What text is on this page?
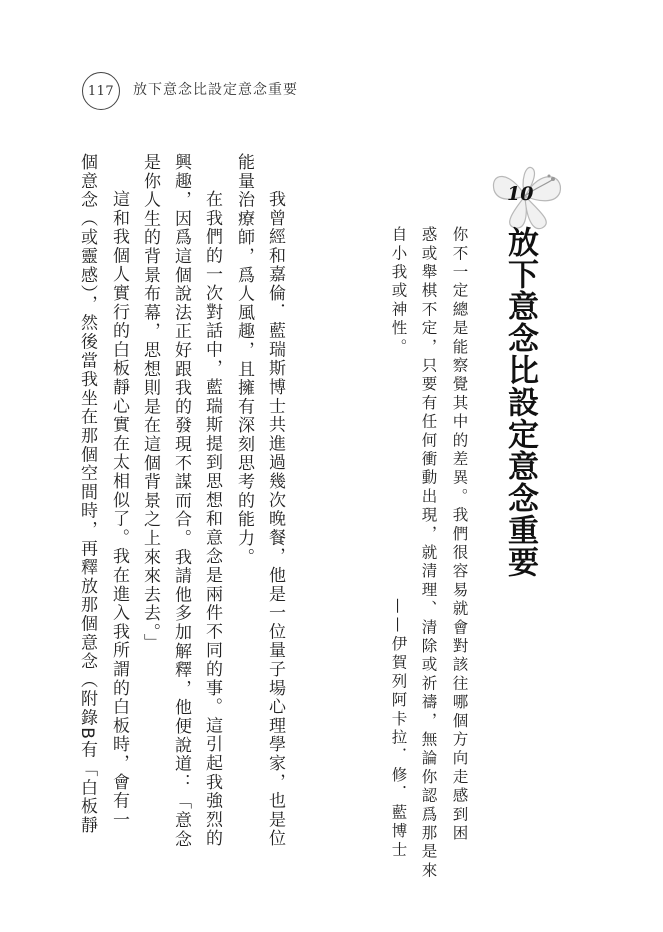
117	放下意念比設定意念重要
10
放下意念比設定意念重要
你不一定總是能察覺其中的差異。我們很容易就會對該往哪個方向走感到困
惑或舉棋不定，只要有任何衝動出現，就清理、清除或祈禱，無論你認爲那是來
自小我或神性。
——伊賀列阿卡拉．修．藍博士
我曾經和嘉倫．藍瑞斯博士共進過幾次晚餐，他是一位量子場心理學家，也是位
能量治療師，爲人風趣，且擁有深刻思考的能力。
在我們的一次對話中，藍瑞斯提到思想和意念是兩件不同的事。這引起我強烈的
興趣，因爲這個說法正好跟我的發現不謀而合。我請他多加解釋，他便說道：「意念
是你人生的背景布幕，思想則是在這個背景之上來來去去。」
這和我個人實行的白板靜心實在太相似了。我在進入我所謂的白板時，會有一
個意念（或靈感），然後當我坐在那個空間時，再釋放那個意念（附錄B有「白板靜
